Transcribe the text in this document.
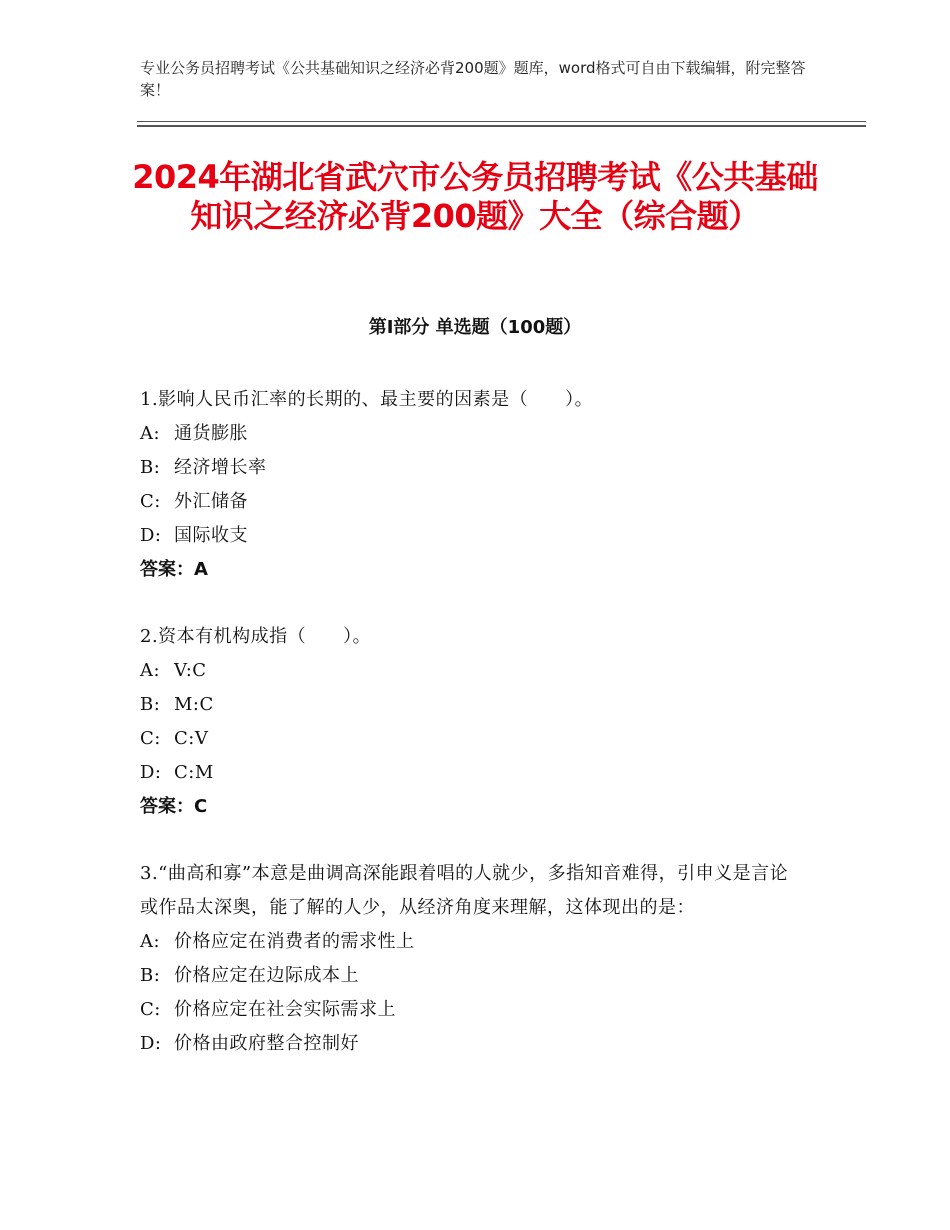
专业公务员招聘考试《公共基础知识之经济必背200题》题库，word格式可自由下载编辑，附完整答案！
2024年湖北省武穴市公务员招聘考试《公共基础知识之经济必背200题》大全（综合题）
第Ⅰ部分 单选题（100题）
1.影响人民币汇率的长期的、最主要的因素是（　　）。
A: 通货膨胀
B: 经济增长率
C: 外汇储备
D: 国际收支
答案：A
2.资本有机构成指（　　）。
A: V:C
B: M:C
C: C:V
D: C:M
答案：C
3.“曲高和寡”本意是曲调高深能跟着唱的人就少，多指知音难得，引申义是言论或作品太深奥，能了解的人少，从经济角度来理解，这体现出的是：
A: 价格应定在消费者的需求性上
B: 价格应定在边际成本上
C: 价格应定在社会实际需求上
D: 价格由政府整合控制好
